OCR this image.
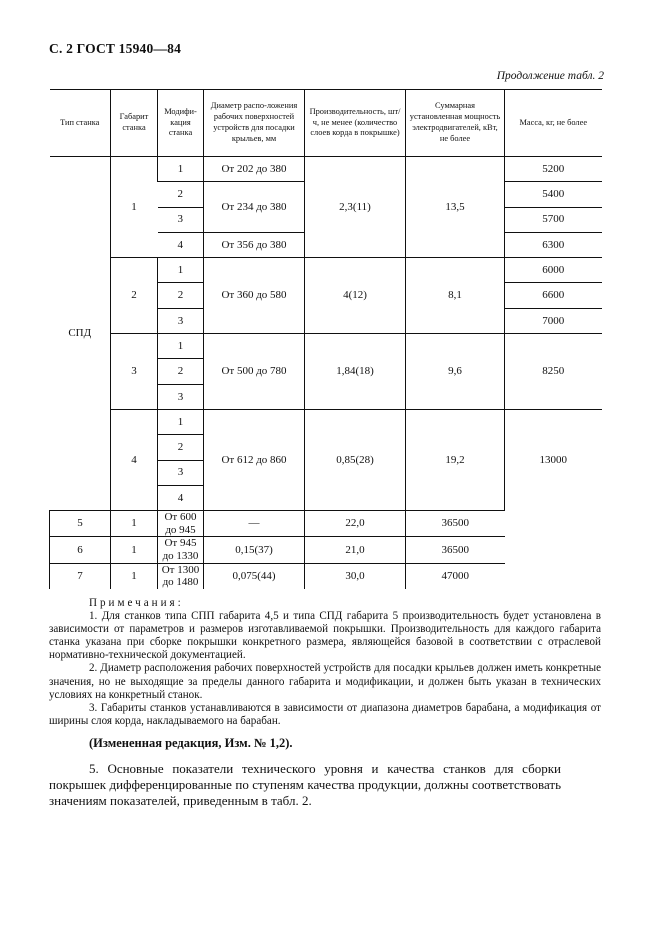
С. 2 ГОСТ 15940—84
Продолжение табл. 2
Тип станка	Габарит станка	Модифи-кация станка	Диаметр распо-ложения рабочих поверхностей устройств для посадки крыльев, мм	Производительность, шт/ч, не менее (количество слоев корда в покрышке)	Суммарная установленная мощность электродвигателей, кВт, не более	Масса, кг, не более
СПД	1	1	От 202 до 380	2,3(11)	13,5	5200
		2	От 234 до 380			5400
		3				5700
		4	От 356 до 380			6300
	2	1	От 360 до 580	4(12)	8,1	6000
		2				6600
		3				7000
	3	1	От 500 до 780	1,84(18)	9,6	8250
		2				
		3				
	4	1	От 612 до 860	0,85(28)	19,2	13000
		2				
		3				
		4				
5	1	От 600 до 945	—	22,0	36500	
6	1	От 945 до 1330	0,15(37)	21,0	36500	
7	1	От 1300 до 1480	0,075(44)	30,0	47000	

Примечания:

1. Для станков типа СПП габарита 4,5 и типа СПД габарита 5 производительность будет установлена в зависимости от параметров и размеров изготавливаемой покрышки. Производительность для каждого габарита станка указана при сборке покрышки конкретного размера, являющейся базовой в соответствии с отраслевой нормативно-технической документацией.

2. Диаметр расположения рабочих поверхностей устройств для посадки крыльев должен иметь конкретные значения, но не выходящие за пределы данного габарита и модификации, и должен быть указан в технических условиях на конкретный станок.

3. Габариты станков устанавливаются в зависимости от диапазона диаметров барабана, а модификация от ширины слоя корда, накладываемого на барабан.

(Измененная редакция, Изм. № 1,2).
5. Основные показатели технического уровня и качества станков для сборки покрышек дифференцированные по ступеням качества продукции, должны соответствовать значениям показателей, приведенным в табл. 2.
